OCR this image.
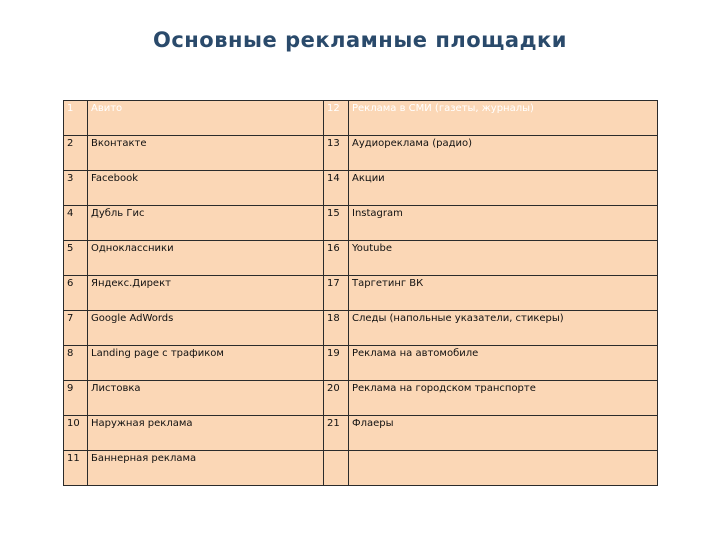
Основные рекламные площадки
1	Авито	12	Реклама в СМИ (газеты, журналы)
2	Вконтакте	13	Аудиореклама (радио)
3	Facebook	14	Акции
4	Дубль Гис	15	Instagram
5	Одноклассники	16	Youtube
6	Яндекс.Директ	17	Таргетинг ВК
7	Google AdWords	18	Следы (напольные указатели, стикеры)
8	Landing page с трафиком	19	Реклама на автомобиле
9	Листовка	20	Реклама на городском транспорте
10	Наружная реклама	21	Флаеры
11	Баннерная реклама		
